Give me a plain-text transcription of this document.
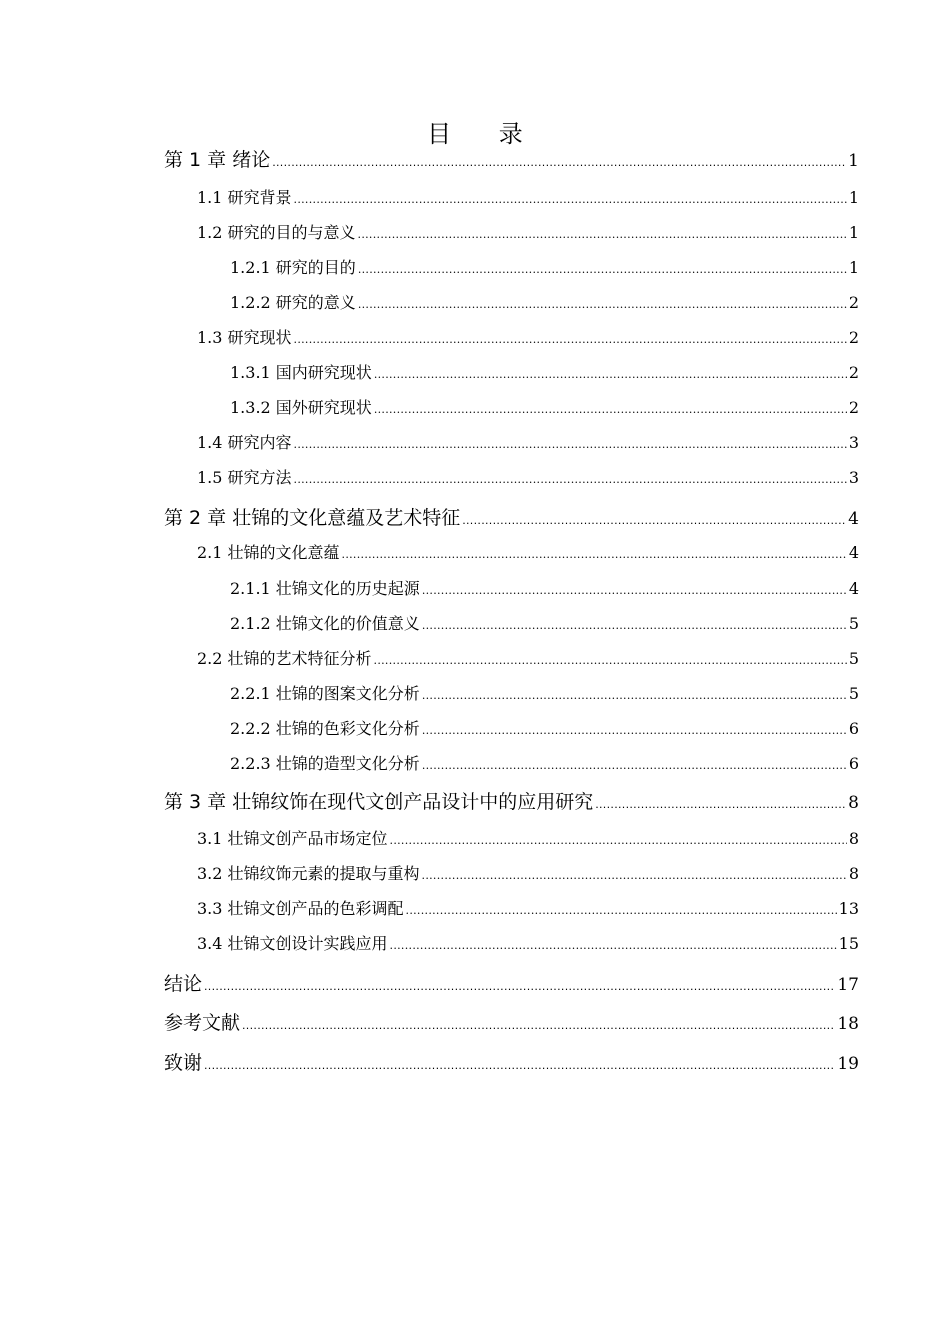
目 录
第 1 章 绪论 .....	1
1.1 研究背景 .....	1
1.2 研究的目的与意义 .....	1
1.2.1 研究的目的 .....	1
1.2.2 研究的意义 .....	2
1.3 研究现状 .....	2
1.3.1 国内研究现状 .....	2
1.3.2 国外研究现状 .....	2
1.4 研究内容 .....	3
1.5 研究方法 .....	3
第 2 章 壮锦的文化意蕴及艺术特征 .....	4
2.1 壮锦的文化意蕴 .....	4
2.1.1 壮锦文化的历史起源 .....	4
2.1.2 壮锦文化的价值意义 .....	5
2.2 壮锦的艺术特征分析 .....	5
2.2.1 壮锦的图案文化分析 .....	5
2.2.2 壮锦的色彩文化分析 .....	6
2.2.3 壮锦的造型文化分析 .....	6
第 3 章 壮锦纹饰在现代文创产品设计中的应用研究 .....	8
3.1 壮锦文创产品市场定位 .....	8
3.2 壮锦纹饰元素的提取与重构 .....	8
3.3 壮锦文创产品的色彩调配 .....	13
3.4 壮锦文创设计实践应用 .....	15
结论 .....	17
参考文献 .....	18
致谢 .....	19
